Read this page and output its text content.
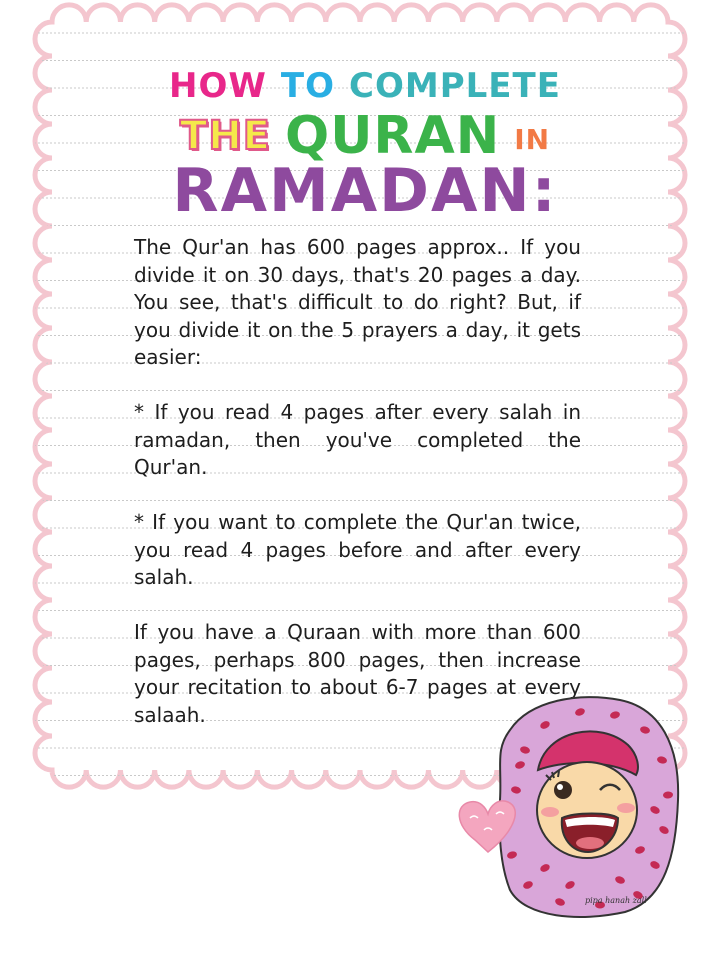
HOW TO COMPLETE
THE QURAN IN
RAMADAN:

The Qur'an has 600 pages approx.. If you divide it on 30 days, that's 20 pages a day. You see, that's difficult to do right? But, if you divide it on the 5 prayers a day, it gets easier:

* If you read 4 pages after every salah in ramadan, then you've completed the Qur'an.

* If you want to complete the Qur'an twice, you read 4 pages before and after every salah.

If you have a Quraan with more than 600 pages, perhaps 800 pages, then increase your recitation to about 6-7 pages at every salaah.

pipa hanah zall
